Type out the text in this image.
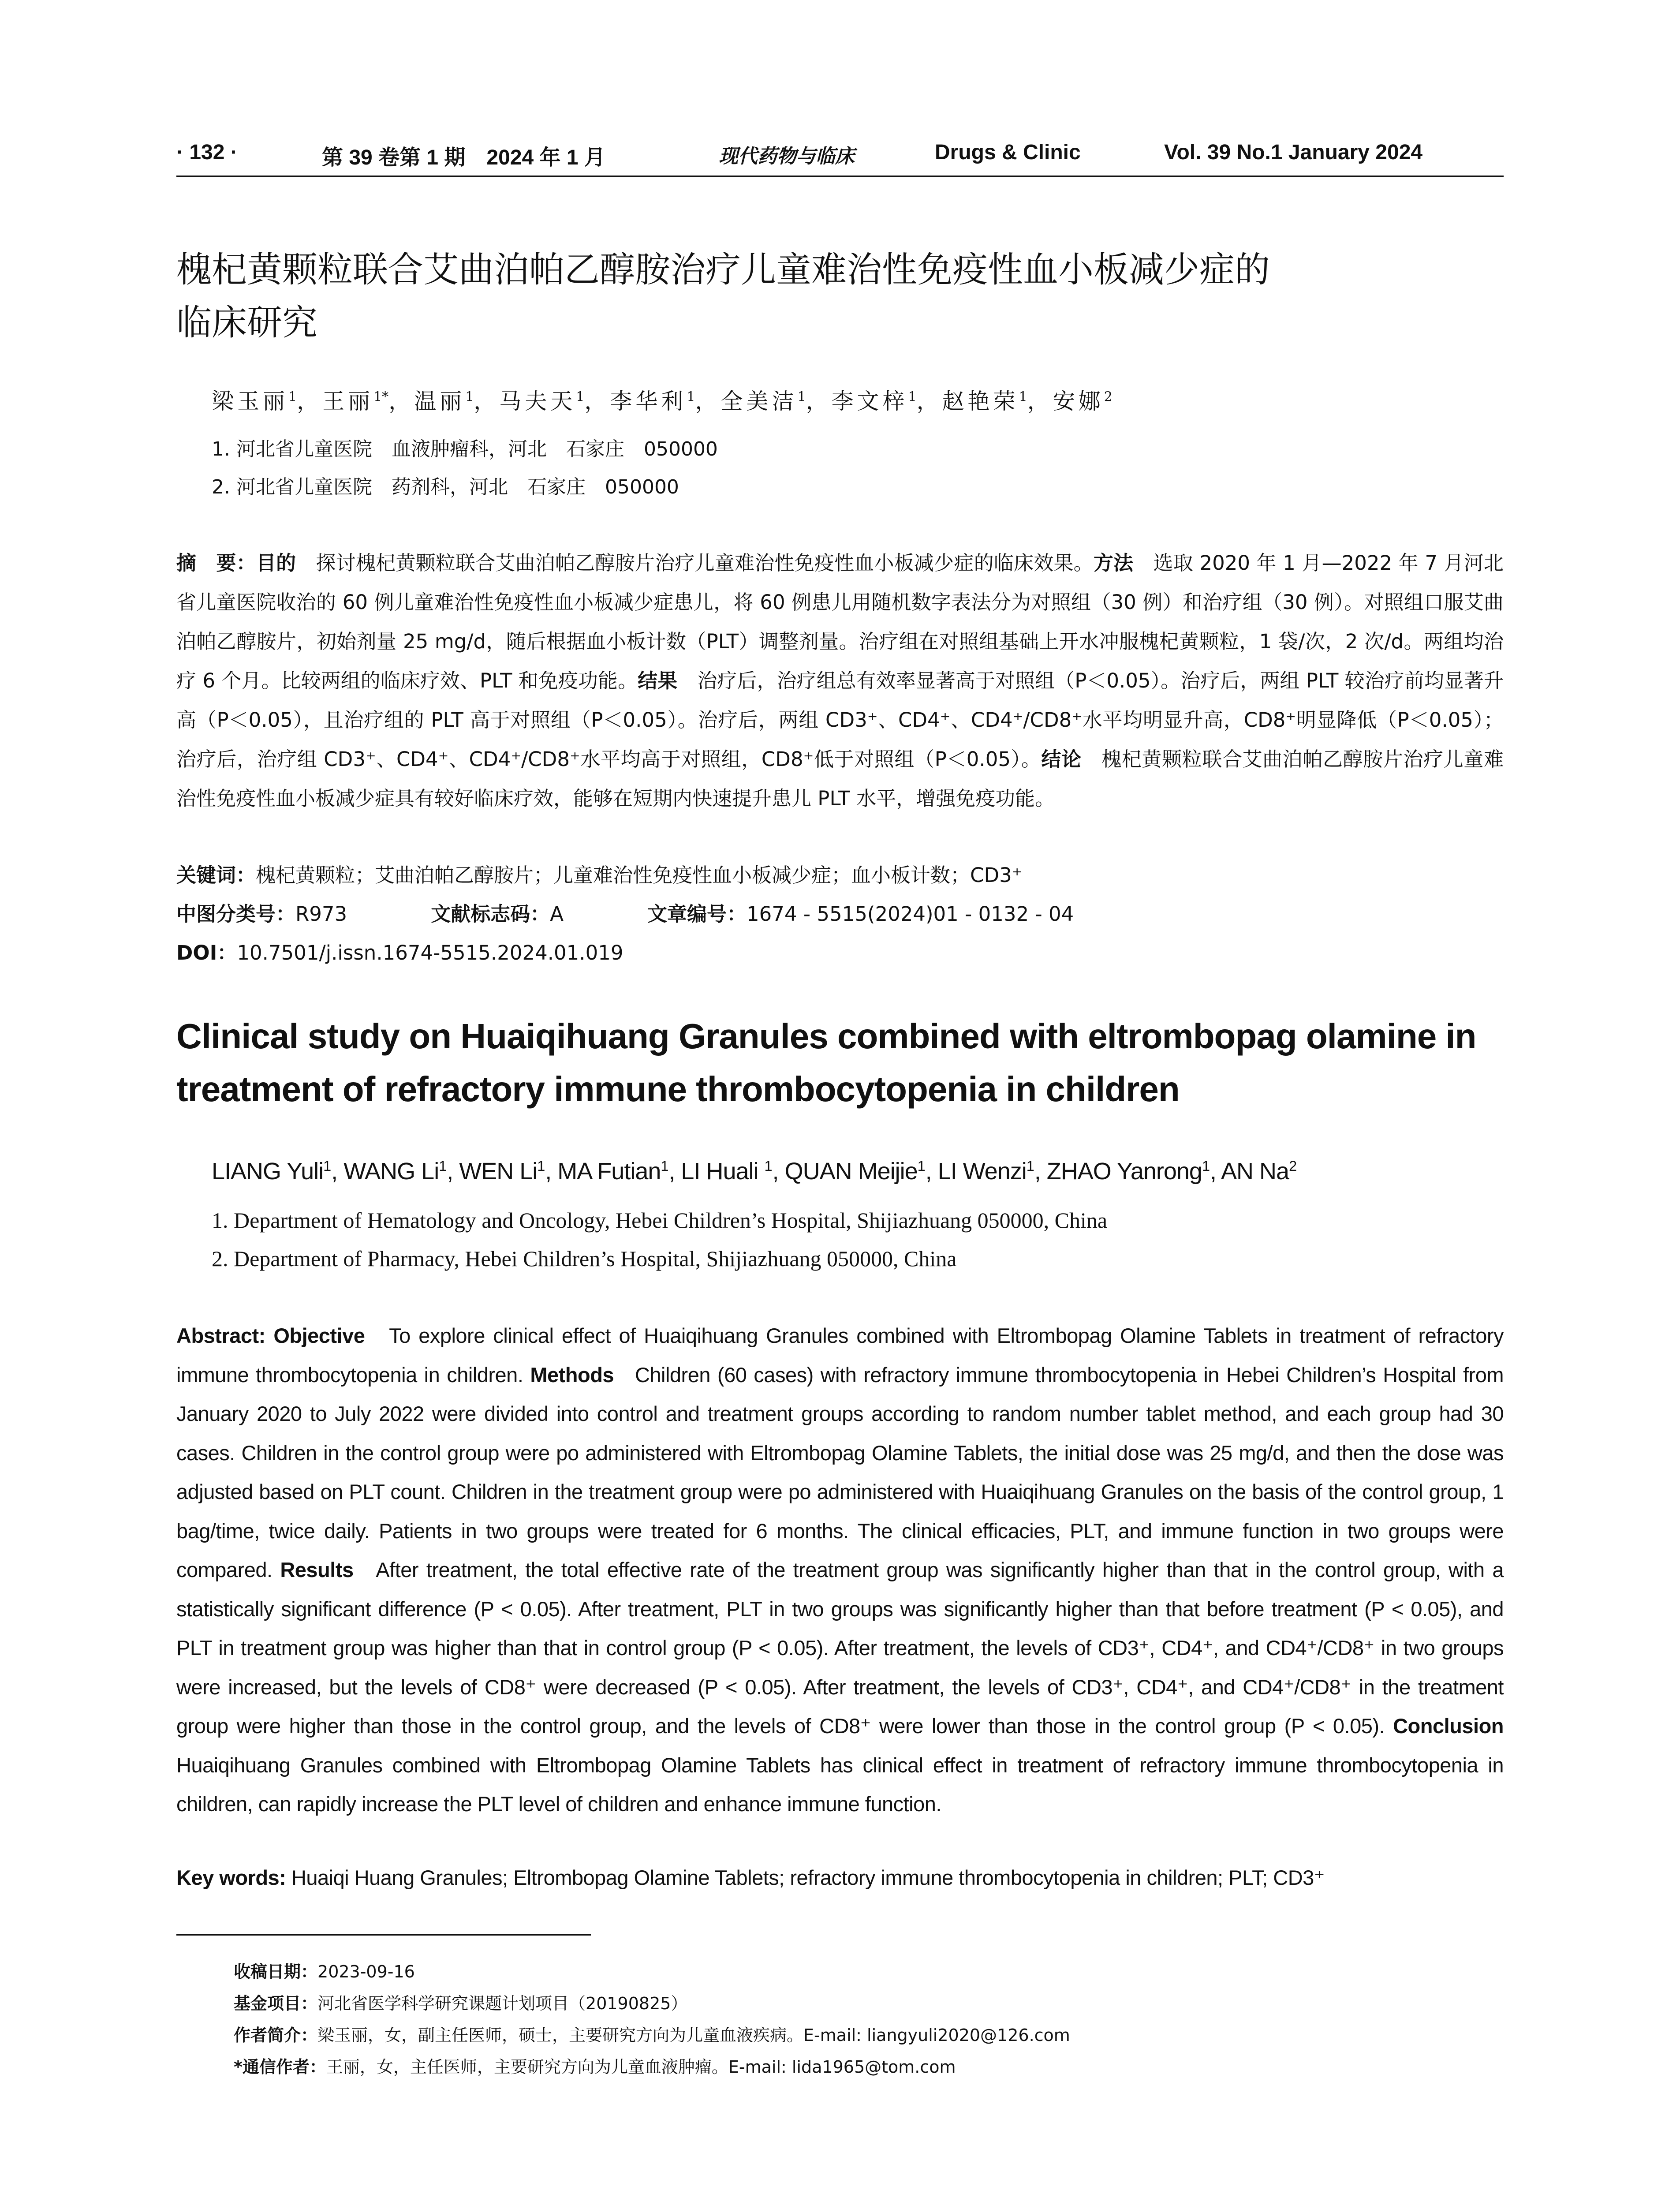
· 132 ·	第 39 卷第 1 期　2024 年 1 月	现代药物与临床	Drugs & Clinic	Vol. 39 No.1 January 2024
槐杞黄颗粒联合艾曲泊帕乙醇胺治疗儿童难治性免疫性血小板减少症的
临床研究
梁玉丽$^1$，王丽$^{1*}$，温丽$^1$，马夫天$^1$，李华利$^1$，全美洁$^1$，李文梓$^1$，赵艳荣$^1$，安娜$^2$
1. 河北省儿童医院　血液肿瘤科，河北　石家庄　050000
2. 河北省儿童医院　药剂科，河北　石家庄　050000
摘　要：目的　 探讨槐杞黄颗粒联合艾曲泊帕乙醇胺片治疗儿童难治性免疫性血小板减少症的临床效果。方法　 选取 2020 年 1 月—2022 年 7 月河北省儿童医院收治的 60 例儿童难治性免疫性血小板减少症患儿，将 60 例患儿用随机数字表法分为对照组（30 例）和治疗组（30 例）。对照组口服艾曲泊帕乙醇胺片，初始剂量 25 mg/d，随后根据血小板计数（PLT）调整剂量。治疗组在对照组基础上开水冲服槐杞黄颗粒，1 袋/次，2 次/d。两组均治疗 6 个月。比较两组的临床疗效、PLT 和免疫功能。结果　 治疗后，治疗组总有效率显著高于对照组（P＜0.05）。治疗后，两组 PLT 较治疗前均显著升高（P＜0.05），且治疗组的 PLT 高于对照组（P＜0.05）。治疗后，两组 CD3⁺、CD4⁺、CD4⁺/CD8⁺水平均明显升高，CD8⁺明显降低（P＜0.05）；治疗后，治疗组 CD3⁺、CD4⁺、CD4⁺/CD8⁺水平均高于对照组，CD8⁺低于对照组（P＜0.05）。结论　 槐杞黄颗粒联合艾曲泊帕乙醇胺片治疗儿童难治性免疫性血小板减少症具有较好临床疗效，能够在短期内快速提升患儿 PLT 水平，增强免疫功能。
关键词：槐杞黄颗粒；艾曲泊帕乙醇胺片；儿童难治性免疫性血小板减少症；血小板计数；CD3⁺
中图分类号：R973	文献标志码：A	文章编号：1674 - 5515(2024)01 - 0132 - 04
DOI：10.7501/j.issn.1674-5515.2024.01.019
Clinical study on Huaiqihuang Granules combined with eltrombopag olamine in
treatment of refractory immune thrombocytopenia in children
LIANG Yuli$^1$, WANG Li$^1$, WEN Li$^1$, MA Futian$^1$, LI Huali $^1$, QUAN Meijie$^1$, LI Wenzi$^1$, ZHAO Yanrong$^1$, AN Na$^2$
1. Department of Hematology and Oncology, Hebei Children’s Hospital, Shijiazhuang 050000, China
2. Department of Pharmacy, Hebei Children’s Hospital, Shijiazhuang 050000, China
Abstract: Objective To explore clinical effect of Huaiqihuang Granules combined with Eltrombopag Olamine Tablets in treatment of refractory immune thrombocytopenia in children. Methods Children (60 cases) with refractory immune thrombocytopenia in Hebei Children’s Hospital from January 2020 to July 2022 were divided into control and treatment groups according to random number tablet method, and each group had 30 cases. Children in the control group were po administered with Eltrombopag Olamine Tablets, the initial dose was 25 mg/d, and then the dose was adjusted based on PLT count. Children in the treatment group were po administered with Huaiqihuang Granules on the basis of the control group, 1 bag/time, twice daily. Patients in two groups were treated for 6 months. The clinical efficacies, PLT, and immune function in two groups were compared. Results After treatment, the total effective rate of the treatment group was significantly higher than that in the control group, with a statistically significant difference (P < 0.05). After treatment, PLT in two groups was significantly higher than that before treatment (P < 0.05), and PLT in treatment group was higher than that in control group (P < 0.05). After treatment, the levels of CD3⁺, CD4⁺, and CD4⁺/CD8⁺ in two groups were increased, but the levels of CD8⁺ were decreased (P < 0.05). After treatment, the levels of CD3⁺, CD4⁺, and CD4⁺/CD8⁺ in the treatment group were higher than those in the control group, and the levels of CD8⁺ were lower than those in the control group (P < 0.05). Conclusion Huaiqihuang Granules combined with Eltrombopag Olamine Tablets has clinical effect in treatment of refractory immune thrombocytopenia in children, can rapidly increase the PLT level of children and enhance immune function.
Key words: Huaiqi Huang Granules; Eltrombopag Olamine Tablets; refractory immune thrombocytopenia in children; PLT; CD3⁺
收稿日期：2023-09-16
基金项目：河北省医学科学研究课题计划项目（20190825）
作者简介：梁玉丽，女，副主任医师，硕士，主要研究方向为儿童血液疾病。E-mail: liangyuli2020@126.com
*通信作者：王丽，女，主任医师，主要研究方向为儿童血液肿瘤。E-mail: lida1965@tom.com
